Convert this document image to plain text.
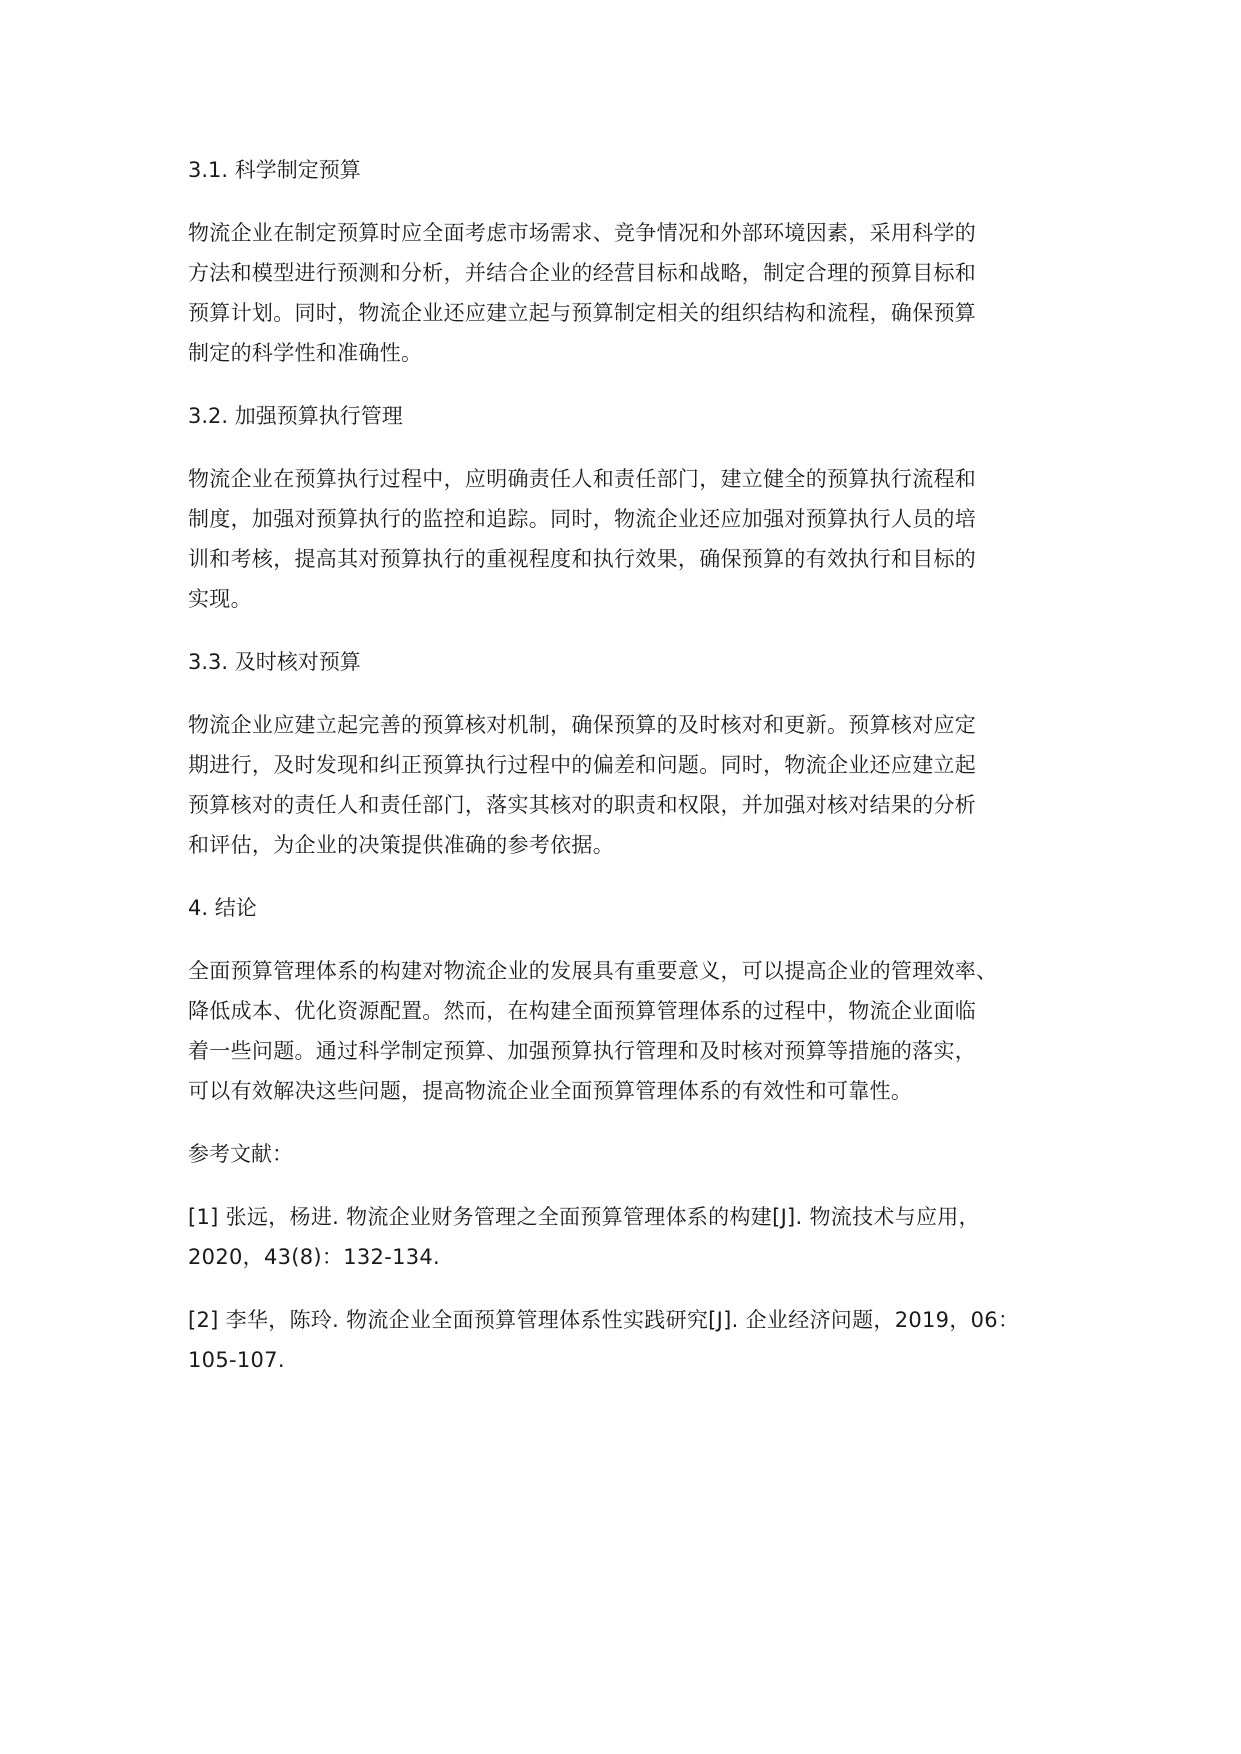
3.1. 科学制定预算
物流企业在制定预算时应全面考虑市场需求、竞争情况和外部环境因素，采用科学的
方法和模型进行预测和分析，并结合企业的经营目标和战略，制定合理的预算目标和
预算计划。同时，物流企业还应建立起与预算制定相关的组织结构和流程，确保预算
制定的科学性和准确性。
3.2. 加强预算执行管理
物流企业在预算执行过程中，应明确责任人和责任部门，建立健全的预算执行流程和
制度，加强对预算执行的监控和追踪。同时，物流企业还应加强对预算执行人员的培
训和考核，提高其对预算执行的重视程度和执行效果，确保预算的有效执行和目标的
实现。
3.3. 及时核对预算
物流企业应建立起完善的预算核对机制，确保预算的及时核对和更新。预算核对应定
期进行，及时发现和纠正预算执行过程中的偏差和问题。同时，物流企业还应建立起
预算核对的责任人和责任部门，落实其核对的职责和权限，并加强对核对结果的分析
和评估，为企业的决策提供准确的参考依据。
4. 结论
全面预算管理体系的构建对物流企业的发展具有重要意义，可以提高企业的管理效率、
降低成本、优化资源配置。然而，在构建全面预算管理体系的过程中，物流企业面临
着一些问题。通过科学制定预算、加强预算执行管理和及时核对预算等措施的落实，
可以有效解决这些问题，提高物流企业全面预算管理体系的有效性和可靠性。
参考文献：
[1] 张远，杨进. 物流企业财务管理之全面预算管理体系的构建[J]. 物流技术与应用，
2020，43(8)：132-134.
[2] 李华，陈玲. 物流企业全面预算管理体系性实践研究[J]. 企业经济问题，2019，06：
105-107.
